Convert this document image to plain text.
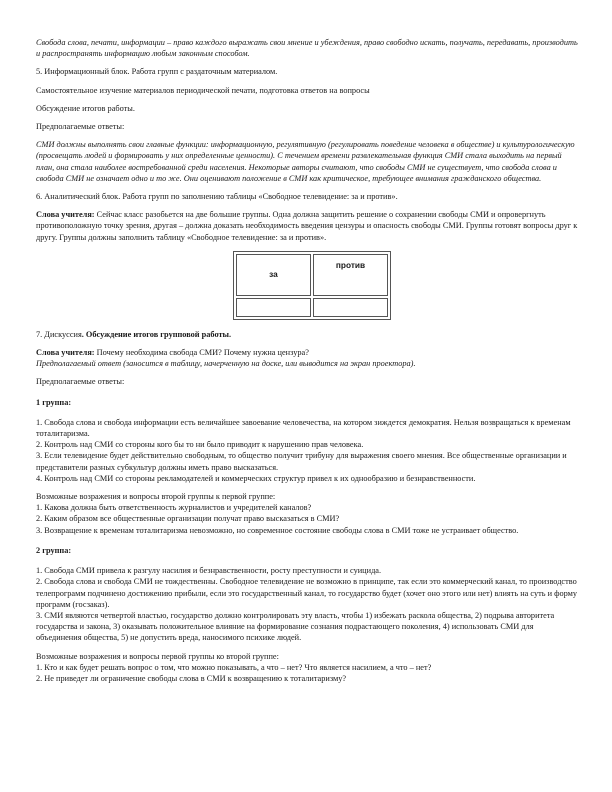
Свобода слова, печати, информации – право каждого выражать свои мнение и убеждения, право свободно искать, получать, передавать, производить и распространять информацию любым законным способом.

5. Информационный блок. Работа групп с раздаточным материалом.

Самостоятельное изучение материалов периодической печати, подготовка ответов на вопросы

Обсуждение итогов работы.

Предполагаемые ответы:

СМИ должны выполнять свои главные функции: информационную, регулятивную (регулировать поведение человека в обществе) и культурологическую (просвещать людей и формировать у них определенные ценности). С течением времени развлекательная функция СМИ стала выходить на первый план, она стала наиболее востребованной среди населения. Некоторые авторы считают, что свободы СМИ не существует, что свобода слова и свобода СМИ не означает одно и то же. Они оценивают положение в СМИ как критическое, требующее внимания гражданского общества.

6. Аналитический блок. Работа групп по заполнению таблицы «Свободное телевидение: за и против».

Слова учителя: Сейчас класс разобьется на две большие группы. Одна должна защитить решение о сохранении свободы СМИ и опровергнуть противоположную точку зрения, другая – должна доказать необходимость введения цензуры и опасность свободы СМИ. Группы готовят вопросы друг к другу. Группы должны заполнить таблицу «Свободное телевидение: за и против».

за	против

7. Дискуссия. Обсуждение итогов групповой работы.

Слова учителя: Почему необходима свобода СМИ? Почему нужна цензура?

Предполагаемый ответ (заносится в таблицу, начерченную на доске, или выводится на экран проектора).

Предполагаемые ответы:

1 группа:

1. Свобода слова и свобода информации есть величайшее завоевание человечества, на котором зиждется демократия. Нельзя возвращаться к временам тоталитаризма.

2. Контроль над СМИ со стороны кого бы то ни было приводит к нарушению прав человека.

3. Если телевидение будет действительно свободным, то общество получит трибуну для выражения своего мнения. Все общественные организации и представители разных субкультур должны иметь право высказаться.

4. Контроль над СМИ со стороны рекламодателей и коммерческих структур привел к их однообразию и безнравственности.

Возможные возражения и вопросы второй группы к первой группе:

1. Какова должна быть ответственность журналистов и учредителей каналов?

2. Каким образом все общественные организации получат право высказаться в СМИ?

3. Возвращение к временам тоталитаризма невозможно, но современное состояние свободы слова в СМИ тоже не устраивает общество.

2 группа:

1. Свобода СМИ привела к разгулу насилия и безнравственности, росту преступности и суицида.

2. Свобода слова и свобода СМИ не тождественны. Свободное телевидение не возможно в принципе, так если это коммерческий канал, то производство телепрограмм подчинено достижению прибыли, если это государственный канал, то государство будет (хочет оно этого или нет) влиять на суть и форму программ (госзаказ).

3. СМИ являются четвертой властью, государство должно контролировать эту власть, чтобы 1) избежать раскола общества, 2) подрыва авторитета государства и закона, 3) оказывать положительное влияние на формирование сознания подрастающего поколения, 4) использовать СМИ для объединения общества, 5) не допустить вреда, наносимого психике людей.

Возможные возражения и вопросы первой группы ко второй группе:

1. Кто и как будет решать вопрос о том, что можно показывать, а что – нет? Что является насилием, а что – нет?

2. Не приведет ли ограничение свободы слова в СМИ к возвращению к тоталитаризму?
